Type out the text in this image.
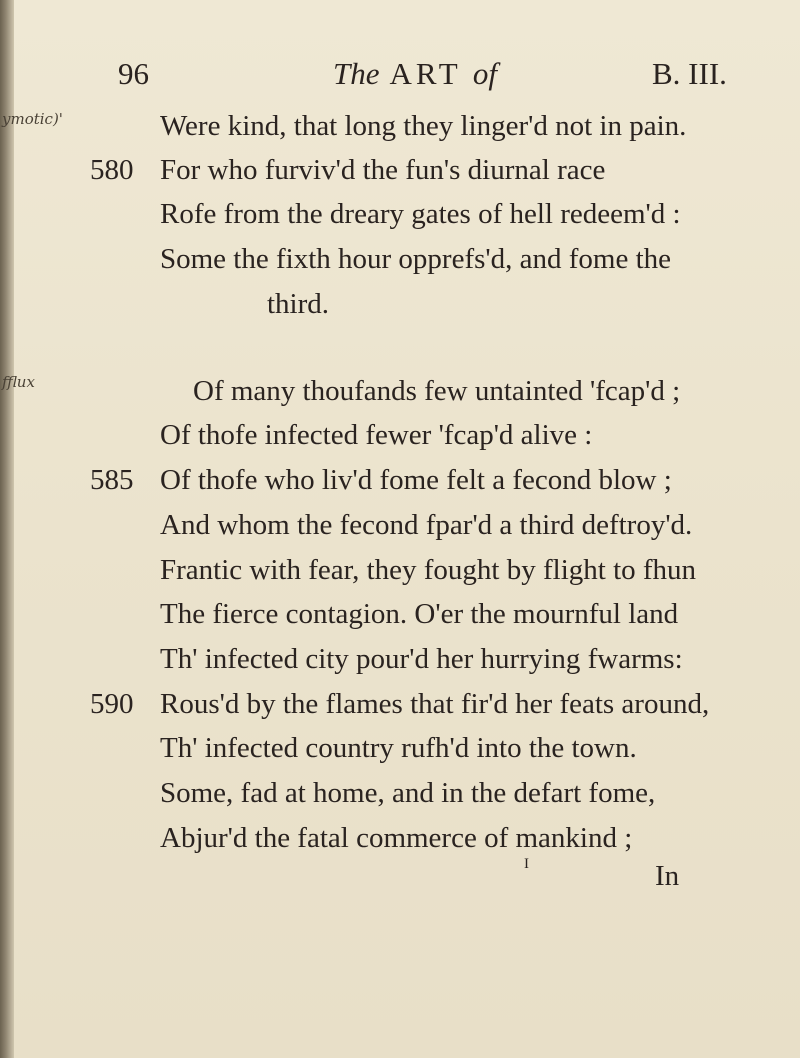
96	The ART of	B. III.
ymotic)'
fflux
Were kind, that long they linger'd not in pain.
580 For who furviv'd the fun's diurnal race
Rofe from the dreary gates of hell redeem'd :
Some the fixth hour opprefs'd, and fome the
third.
Of many thoufands few untainted 'fcap'd ;
Of thofe infected fewer 'fcap'd alive :
585 Of thofe who liv'd fome felt a fecond blow ;
And whom the fecond fpar'd a third deftroy'd.
Frantic with fear, they fought by flight to fhun
The fierce contagion. O'er the mournful land
Th' infected city pour'd her hurrying fwarms:
590 Rous'd by the flames that fir'd her feats around,
Th' infected country rufh'd into the town.
Some, fad at home, and in the defart fome,
Abjur'd the fatal commerce of mankind ;
I	In
